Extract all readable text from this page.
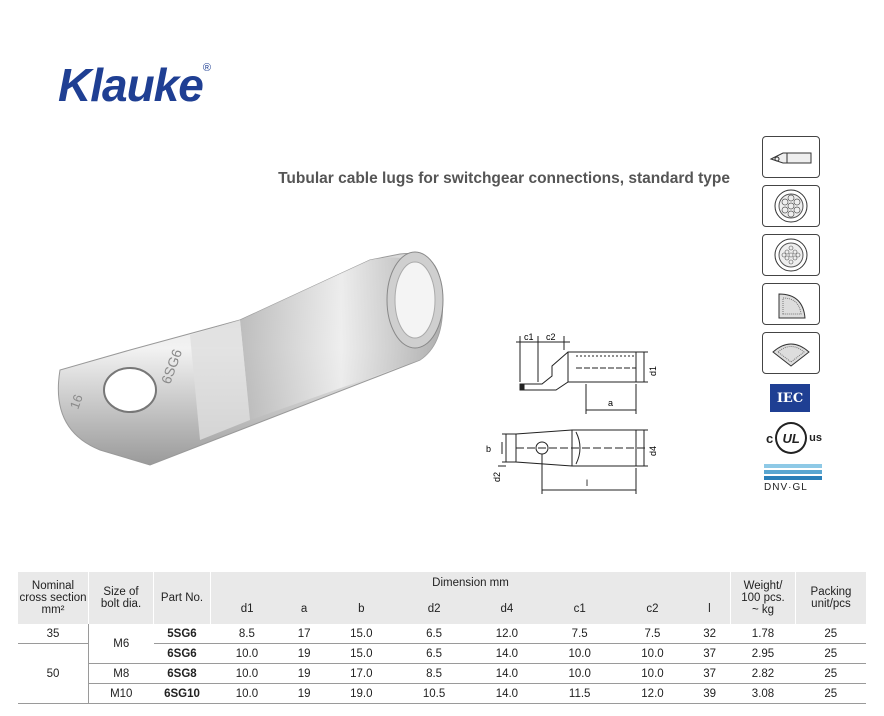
Klauke®
Tubular cable lugs for switchgear connections, standard type
6SG6
16
c1 c2
d1
a
b	d4
d2
l
IEC
c UL us
DNV·GL
Nominal
cross section
mm²	Size of
bolt dia.	Part No.	Dimension mm								Weight/
100 pcs.
~ kg	Packing
unit/pcs
			d1	a	b	d2	d4	c1	c2	l		
35	M6	5SG6	8.5	17	15.0	6.5	12.0	7.5	7.5	32	1.78	25
50		6SG6	10.0	19	15.0	6.5	14.0	10.0	10.0	37	2.95	25
	M8	6SG8	10.0	19	17.0	8.5	14.0	10.0	10.0	37	2.82	25
	M10	6SG10	10.0	19	19.0	10.5	14.0	11.5	12.0	39	3.08	25
